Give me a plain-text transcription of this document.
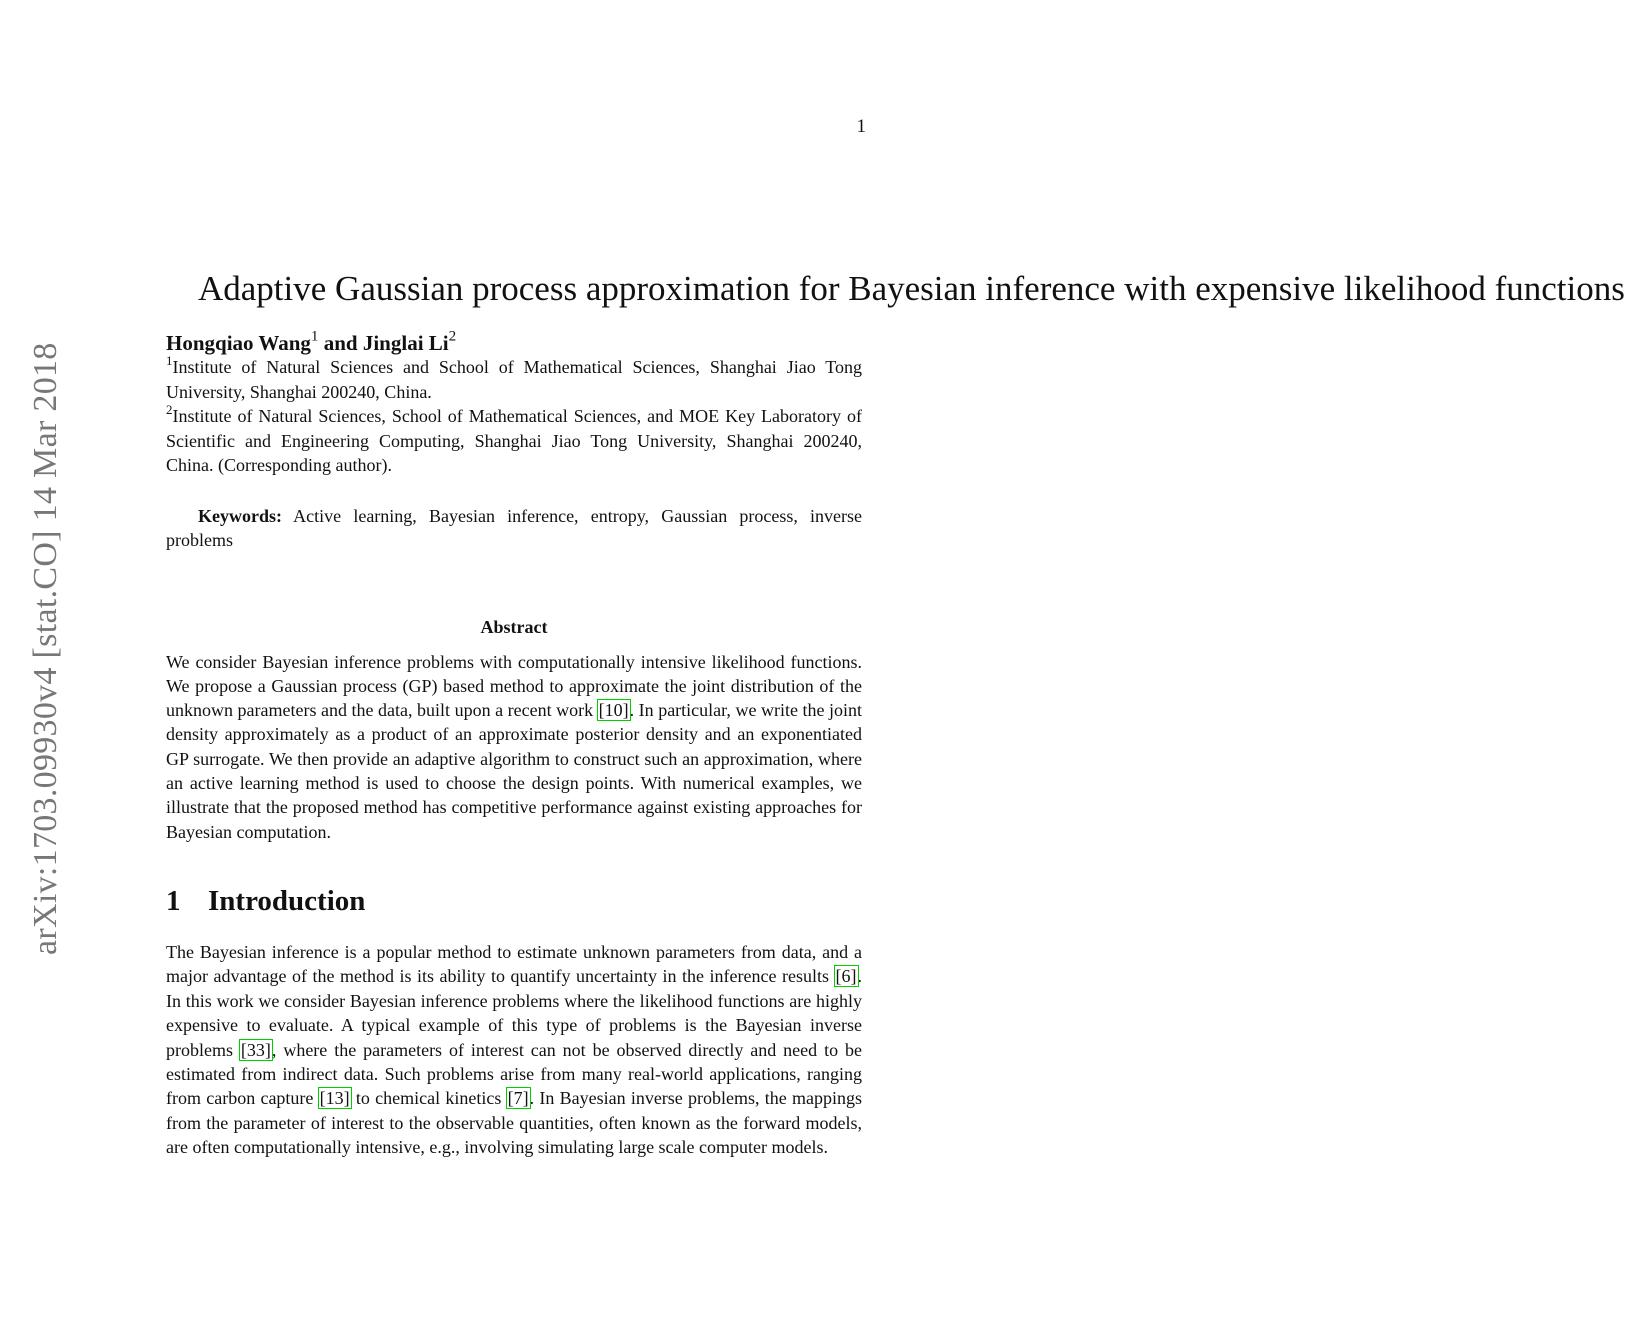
1
arXiv:1703.09930v4 [stat.CO] 14 Mar 2018
Adaptive Gaussian process approximation for Bayesian inference with expensive likelihood functions
Hongqiao Wang$^1$ and Jinglai Li$^2$

$^1$Institute of Natural Sciences and School of Mathematical Sciences, Shanghai Jiao Tong University, Shanghai 200240, China.

$^2$Institute of Natural Sciences, School of Mathematical Sciences, and MOE Key Laboratory of Scientific and Engineering Computing, Shanghai Jiao Tong University, Shanghai 200240, China. (Corresponding author).

Keywords: Active learning, Bayesian inference, entropy, Gaussian process, inverse problems
Abstract
We consider Bayesian inference problems with computationally intensive likelihood functions. We propose a Gaussian process (GP) based method to approximate the joint distribution of the unknown parameters and the data, built upon a recent work [10]. In particular, we write the joint density approximately as a product of an approximate posterior density and an exponentiated GP surrogate. We then provide an adaptive algorithm to construct such an approximation, where an active learning method is used to choose the design points. With numerical examples, we illustrate that the proposed method has competitive performance against existing approaches for Bayesian computation.
1 Introduction
The Bayesian inference is a popular method to estimate unknown parameters from data, and a major advantage of the method is its ability to quantify uncertainty in the inference results [6]. In this work we consider Bayesian inference problems where the likelihood functions are highly expensive to evaluate. A typical example of this type of problems is the Bayesian inverse problems [33], where the parameters of interest can not be observed directly and need to be estimated from indirect data. Such problems arise from many real-world applications, ranging from carbon capture [13] to chemical kinetics [7]. In Bayesian inverse problems, the mappings from the parameter of interest to the observable quantities, often known as the forward models, are often computationally intensive, e.g., involving simulating large scale computer models.
